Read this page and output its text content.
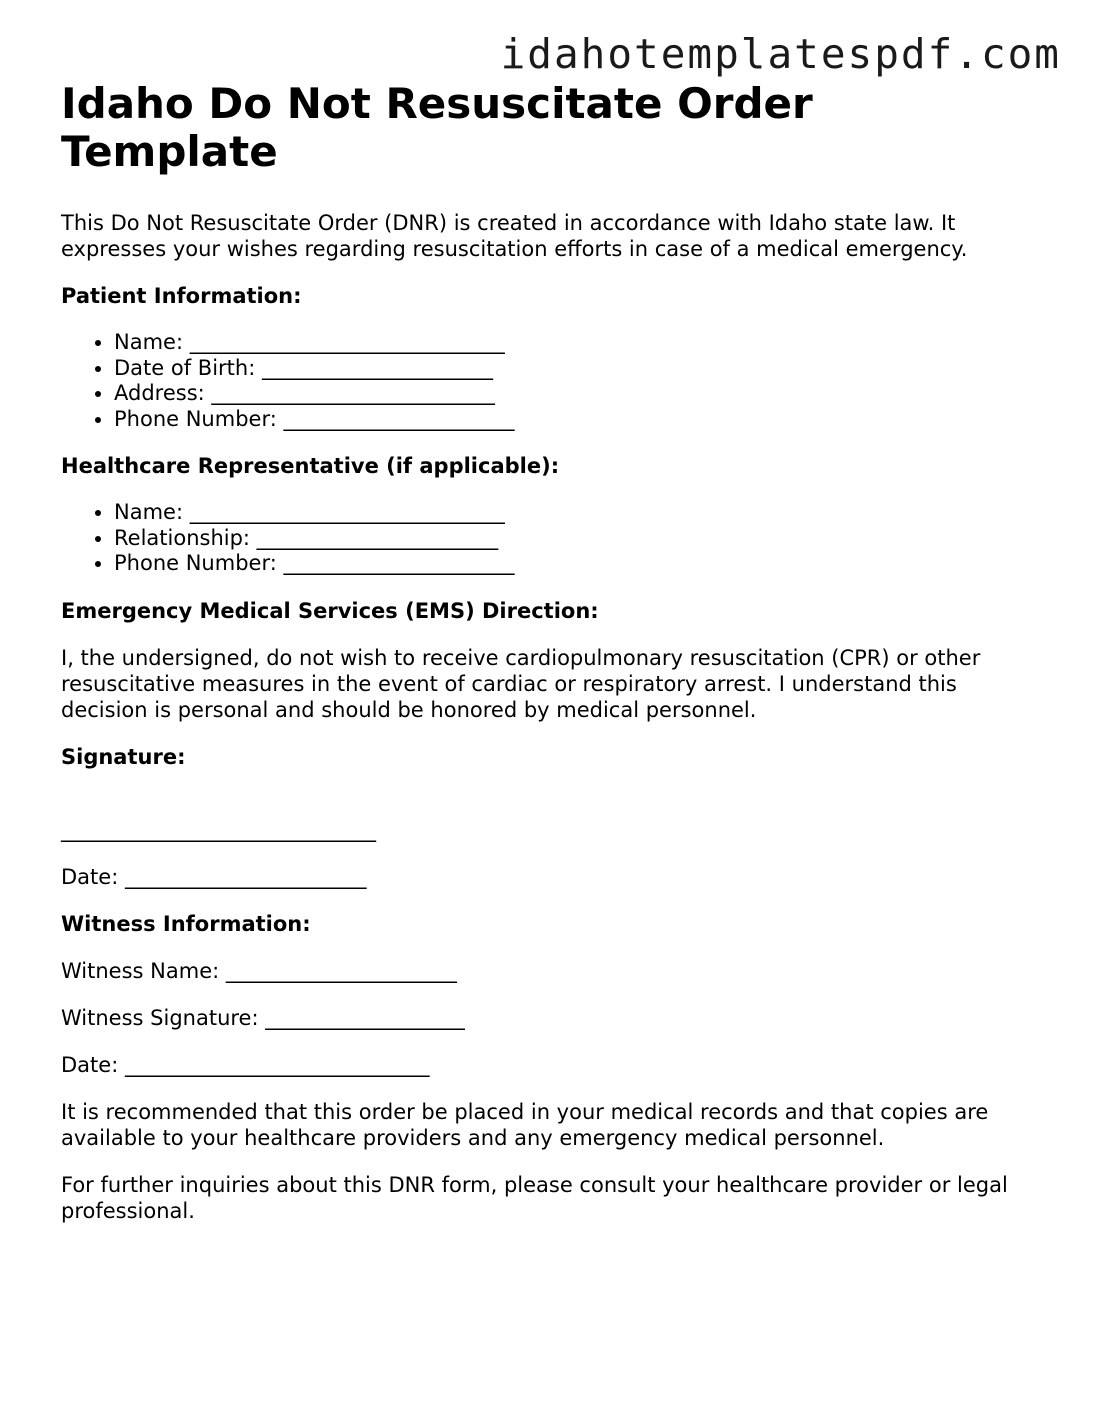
idahotemplatespdf.com
Idaho Do Not Resuscitate Order Template

This Do Not Resuscitate Order (DNR) is created in accordance with Idaho state law. It expresses your wishes regarding resuscitation efforts in case of a medical emergency.

Patient Information:

• Name: ______________________________
• Date of Birth: ______________________
• Address: ___________________________
• Phone Number: ______________________

Healthcare Representative (if applicable):

• Name: ______________________________
• Relationship: _______________________
• Phone Number: ______________________

Emergency Medical Services (EMS) Direction:

I, the undersigned, do not wish to receive cardiopulmonary resuscitation (CPR) or other resuscitative measures in the event of cardiac or respiratory arrest. I understand this decision is personal and should be honored by medical personnel.

Signature:

______________________________

Date: _______________________

Witness Information:

Witness Name: ______________________

Witness Signature: ___________________

Date: _____________________________

It is recommended that this order be placed in your medical records and that copies are available to your healthcare providers and any emergency medical personnel.

For further inquiries about this DNR form, please consult your healthcare provider or legal professional.
